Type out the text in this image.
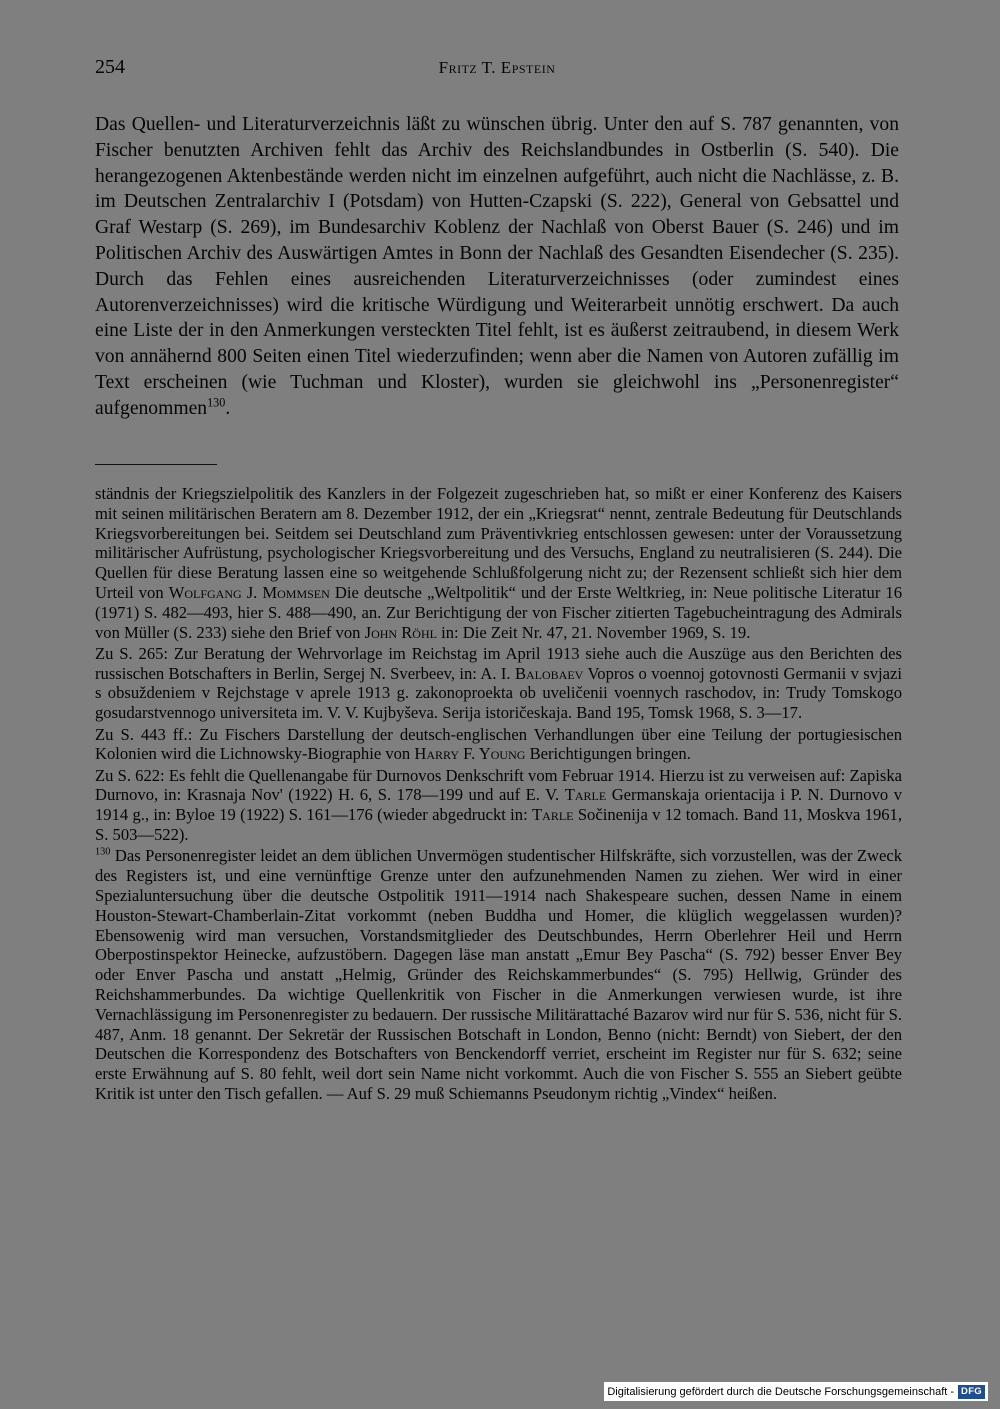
254	Fritz T. Epstein

Das Quellen- und Literaturverzeichnis läßt zu wünschen übrig. Unter den auf S. 787 genannten, von Fischer benutzten Archiven fehlt das Archiv des Reichslandbundes in Ostberlin (S. 540). Die herangezogenen Aktenbestände werden nicht im einzelnen aufgeführt, auch nicht die Nachlässe, z. B. im Deutschen Zentralarchiv I (Potsdam) von Hutten-Czapski (S. 222), General von Gebsattel und Graf Westarp (S. 269), im Bundesarchiv Koblenz der Nachlaß von Oberst Bauer (S. 246) und im Politischen Archiv des Auswärtigen Amtes in Bonn der Nachlaß des Gesandten Eisendecher (S. 235). Durch das Fehlen eines ausreichenden Literaturverzeichnisses (oder zumindest eines Autorenverzeichnisses) wird die kritische Würdigung und Weiterarbeit unnötig erschwert. Da auch eine Liste der in den Anmerkungen versteckten Titel fehlt, ist es äußerst zeitraubend, in diesem Werk von annähernd 800 Seiten einen Titel wiederzufinden; wenn aber die Namen von Autoren zufällig im Text erscheinen (wie Tuchman und Kloster), wurden sie gleichwohl ins „Personenregister“ aufgenommen$^{130}$.

ständnis der Kriegszielpolitik des Kanzlers in der Folgezeit zugeschrieben hat, so mißt er einer Konferenz des Kaisers mit seinen militärischen Beratern am 8. Dezember 1912, der ein „Kriegsrat“ nennt, zentrale Bedeutung für Deutschlands Kriegsvorbereitungen bei. Seitdem sei Deutschland zum Präventivkrieg entschlossen gewesen: unter der Voraussetzung militärischer Aufrüstung, psychologischer Kriegsvorbereitung und des Versuchs, England zu neutralisieren (S. 244). Die Quellen für diese Beratung lassen eine so weitgehende Schlußfolgerung nicht zu; der Rezensent schließt sich hier dem Urteil von Wolfgang J. Mommsen Die deutsche „Weltpolitik“ und der Erste Weltkrieg, in: Neue politische Literatur 16 (1971) S. 482—493, hier S. 488—490, an. Zur Berichtigung der von Fischer zitierten Tagebucheintragung des Admirals von Müller (S. 233) siehe den Brief von John Röhl in: Die Zeit Nr. 47, 21. November 1969, S. 19.

Zu S. 265: Zur Beratung der Wehrvorlage im Reichstag im April 1913 siehe auch die Auszüge aus den Berichten des russischen Botschafters in Berlin, Sergej N. Sverbeev, in: A. I. Balobaev Vopros o voennoj gotovnosti Germanii v svjazi s obsuždeniem v Rejchstage v aprele 1913 g. zakonoproekta ob uveličenii voennych raschodov, in: Trudy Tomskogo gosudarstvennogo universiteta im. V. V. Kujbyševa. Serija istoričeskaja. Band 195, Tomsk 1968, S. 3—17.

Zu S. 443 ff.: Zu Fischers Darstellung der deutsch-englischen Verhandlungen über eine Teilung der portugiesischen Kolonien wird die Lichnowsky-Biographie von Harry F. Young Berichtigungen bringen.

Zu S. 622: Es fehlt die Quellenangabe für Durnovos Denkschrift vom Februar 1914. Hierzu ist zu verweisen auf: Zapiska Durnovo, in: Krasnaja Nov' (1922) H. 6, S. 178—199 und auf E. V. Tarle Germanskaja orientacija i P. N. Durnovo v 1914 g., in: Byloe 19 (1922) S. 161—176 (wieder abgedruckt in: Tarle Sočinenija v 12 tomach. Band 11, Moskva 1961, S. 503—522).

$^{130}$ Das Personenregister leidet an dem üblichen Unvermögen studentischer Hilfskräfte, sich vorzustellen, was der Zweck des Registers ist, und eine vernünftige Grenze unter den aufzunehmenden Namen zu ziehen. Wer wird in einer Spezialuntersuchung über die deutsche Ostpolitik 1911—1914 nach Shakespeare suchen, dessen Name in einem Houston-Stewart-Chamberlain-Zitat vorkommt (neben Buddha und Homer, die klüglich weggelassen wurden)? Ebensowenig wird man versuchen, Vorstandsmitglieder des Deutschbundes, Herrn Oberlehrer Heil und Herrn Oberpostinspektor Heinecke, aufzustöbern. Dagegen läse man anstatt „Emur Bey Pascha“ (S. 792) besser Enver Bey oder Enver Pascha und anstatt „Helmig, Gründer des Reichskammerbundes“ (S. 795) Hellwig, Gründer des Reichshammerbundes. Da wichtige Quellenkritik von Fischer in die Anmerkungen verwiesen wurde, ist ihre Vernachlässigung im Personenregister zu bedauern. Der russische Militärattaché Bazarov wird nur für S. 536, nicht für S. 487, Anm. 18 genannt. Der Sekretär der Russischen Botschaft in London, Benno (nicht: Berndt) von Siebert, der den Deutschen die Korrespondenz des Botschafters von Benckendorff verriet, erscheint im Register nur für S. 632; seine erste Erwähnung auf S. 80 fehlt, weil dort sein Name nicht vorkommt. Auch die von Fischer S. 555 an Siebert geübte Kritik ist unter den Tisch gefallen. — Auf S. 29 muß Schiemanns Pseudonym richtig „Vindex“ heißen.

Digitalisierung gefördert durch die Deutsche Forschungsgemeinschaft - DFG
